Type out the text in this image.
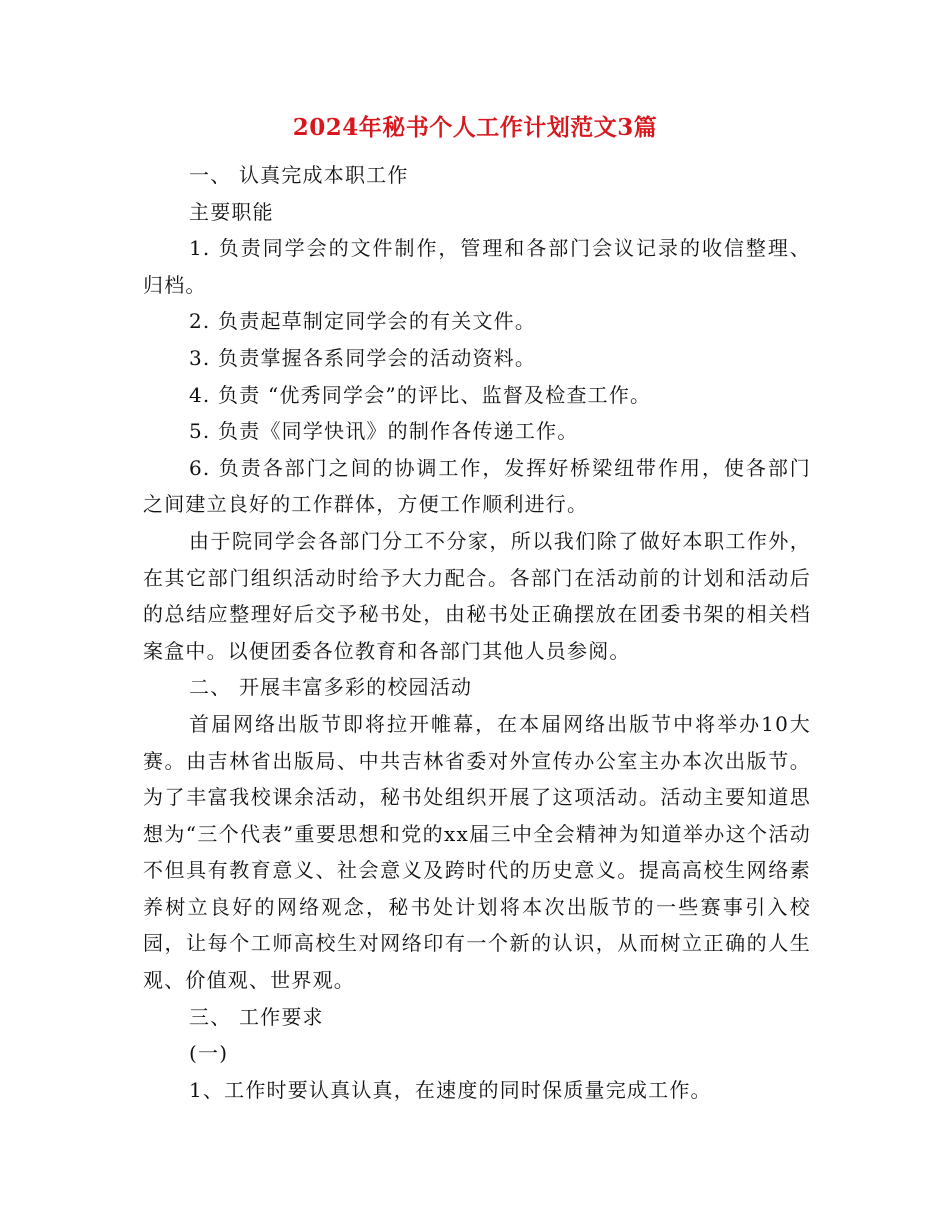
2024年秘书个人工作计划范文3篇

一、 认真完成本职工作

主要职能

1. 负责同学会的文件制作，管理和各部门会议记录的收信整理、归档。

2. 负责起草制定同学会的有关文件。

3. 负责掌握各系同学会的活动资料。

4. 负责 “优秀同学会”的评比、监督及检查工作。

5. 负责《同学快讯》的制作各传递工作。

6. 负责各部门之间的协调工作，发挥好桥梁纽带作用，使各部门之间建立良好的工作群体，方便工作顺利进行。

由于院同学会各部门分工不分家，所以我们除了做好本职工作外，在其它部门组织活动时给予大力配合。各部门在活动前的计划和活动后的总结应整理好后交予秘书处，由秘书处正确摆放在团委书架的相关档案盒中。以便团委各位教育和各部门其他人员参阅。

二、 开展丰富多彩的校园活动

首届网络出版节即将拉开帷幕，在本届网络出版节中将举办10大赛。由吉林省出版局、中共吉林省委对外宣传办公室主办本次出版节。为了丰富我校课余活动，秘书处组织开展了这项活动。活动主要知道思想为“三个代表”重要思想和党的xx届三中全会精神为知道举办这个活动不但具有教育意义、社会意义及跨时代的历史意义。提高高校生网络素养树立良好的网络观念，秘书处计划将本次出版节的一些赛事引入校园，让每个工师高校生对网络印有一个新的认识，从而树立正确的人生观、价值观、世界观。

三、 工作要求

(一)

1、工作时要认真认真，在速度的同时保质量完成工作。
